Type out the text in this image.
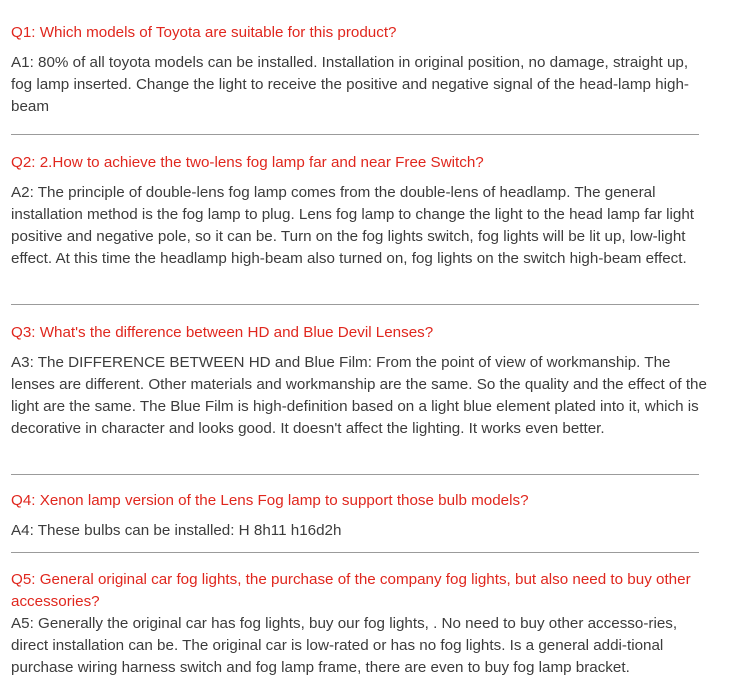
Q1: Which models of Toyota are suitable for this product?

A1: 80% of all toyota models can be installed. Installation in original position, no damage, straight up, fog lamp inserted. Change the light to receive the positive and negative signal of the head-lamp high-beam

Q2: 2.How to achieve the two-lens fog lamp far and near Free Switch?

A2: The principle of double-lens fog lamp comes from the double-lens of headlamp. The general installation method is the fog lamp to plug. Lens fog lamp to change the light to the head lamp far light positive and negative pole, so it can be. Turn on the fog lights switch, fog lights will be lit up, low-light effect. At this time the headlamp high-beam also turned on, fog lights on the switch high-beam effect.

Q3: What's the difference between HD and Blue Devil Lenses?

A3: The DIFFERENCE BETWEEN HD and Blue Film: From the point of view of workmanship. The lenses are different. Other materials and workmanship are the same. So the quality and the effect of the light are the same. The Blue Film is high-definition based on a light blue element plated into it, which is decorative in character and looks good. It doesn't affect the lighting. It works even better.

Q4: Xenon lamp version of the Lens Fog lamp to support those bulb models?

A4: These bulbs can be installed: H 8h11 h16d2h

Q5: General original car fog lights, the purchase of the company fog lights, but also need to buy other accessories?

A5: Generally the original car has fog lights, buy our fog lights, . No need to buy other accesso-ries, direct installation can be. The original car is low-rated or has no fog lights. Is a general addi-tional purchase wiring harness switch and fog lamp frame, there are even to buy fog lamp bracket.
